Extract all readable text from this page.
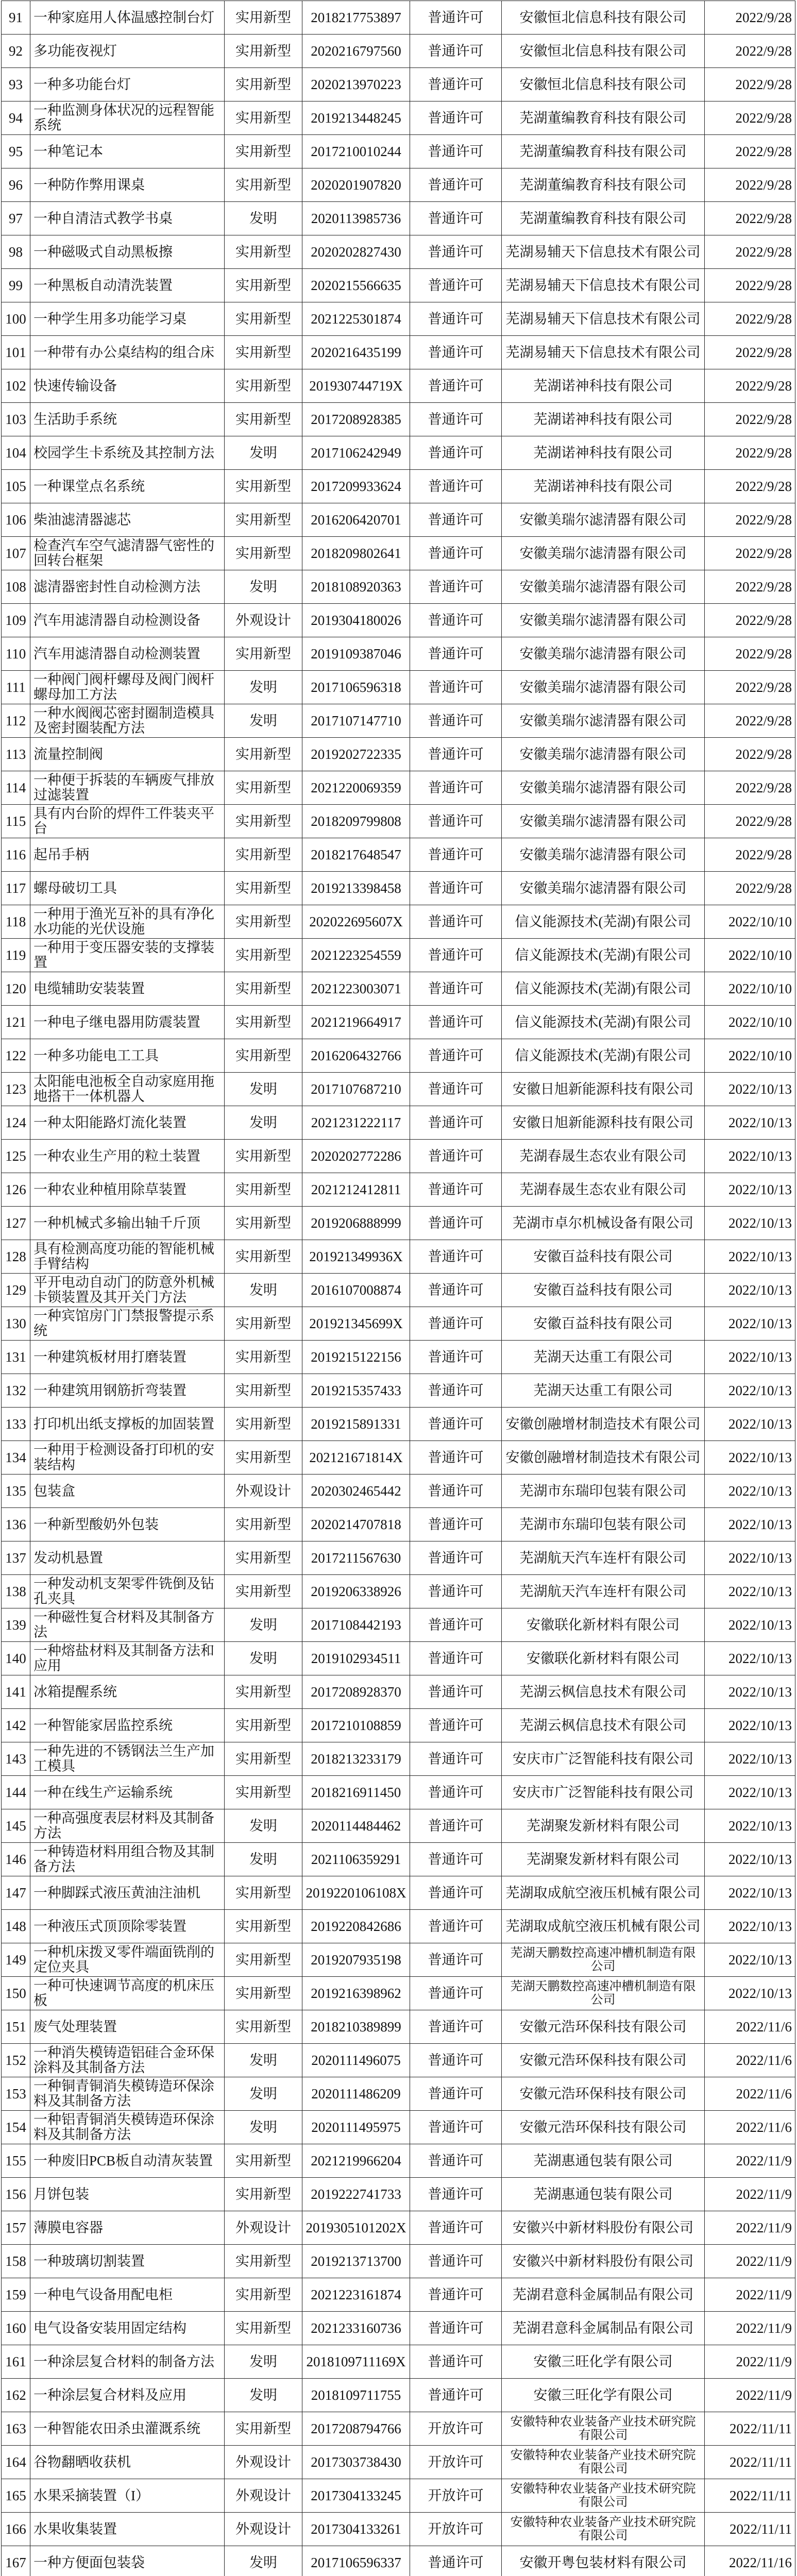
91	一种家庭用人体温感控制台灯	实用新型	201821775389​7	普通许可	安徽恒北信息科技有限公司	2022/9/28
92	多功能夜视灯	实用新型	2020216797560	普通许可	安徽恒北信息科技有限公司	2022/9/28
93	一种多功能台灯	实用新型	2020213970223	普通许可	安徽恒北信息科技有限公司	2022/9/28
94	一种监测身体状况的远程智能系统	实用新型	2019213448245	普通许可	芜湖董编教育科技有限公司	2022/9/28
95	一种笔记本	实用新型	2017210010244	普通许可	芜湖董编教育科技有限公司	2022/9/28
96	一种防作弊用课桌	实用新型	2020201907820	普通许可	芜湖董编教育科技有限公司	2022/9/28
97	一种自清洁式教学书桌	发明	2020113985736	普通许可	芜湖董编教育科技有限公司	2022/9/28
98	一种磁吸式自动黑板擦	实用新型	2020202827430	普通许可	芜湖易辅天下信息技术有限公司	2022/9/28
99	一种黑板自动清洗装置	实用新型	2020215566635	普通许可	芜湖易辅天下信息技术有限公司	2022/9/28
100	一种学生用多功能学习桌	实用新型	2021225301874	普通许可	芜湖易辅天下信息技术有限公司	2022/9/28
101	一种带有办公桌结构的组合床	实用新型	2020216435199	普通许可	芜湖易辅天下信息技术有限公司	2022/9/28
102	快速传输设备	实用新型	201930744719X	普通许可	芜湖诺神科技有限公司	2022/9/28
103	生活助手系统	实用新型	2017208928385	普通许可	芜湖诺神科技有限公司	2022/9/28
104	校园学生卡系统及其控制方法	发明	2017106242949	普通许可	芜湖诺神科技有限公司	2022/9/28
105	一种课堂点名系统	实用新型	2017209933624	普通许可	芜湖诺神科技有限公司	2022/9/28
106	柴油滤清器滤芯	实用新型	2016206420701	普通许可	安徽美瑞尔滤清器有限公司	2022/9/28
107	检查汽车空气滤清器气密性的回转台框架	实用新型	2018209802641	普通许可	安徽美瑞尔滤清器有限公司	2022/9/28
108	滤清器密封性自动检测方法	发明	2018108920363	普通许可	安徽美瑞尔滤清器有限公司	2022/9/28
109	汽车用滤清器自动检测设备	外观设计	2019304180026	普通许可	安徽美瑞尔滤清器有限公司	2022/9/28
110	汽车用滤清器自动检测装置	实用新型	2019109387046	普通许可	安徽美瑞尔滤清器有限公司	2022/9/28
111	一种阀门阀杆螺母及阀门阀杆螺母加工方法	发明	2017106596318	普通许可	安徽美瑞尔滤清器有限公司	2022/9/28
112	一种水阀阀芯密封圈制造模具及密封圈装配方法	发明	2017107147710	普通许可	安徽美瑞尔滤清器有限公司	2022/9/28
113	流量控制阀	实用新型	2019202722335	普通许可	安徽美瑞尔滤清器有限公司	2022/9/28
114	一种便于拆装的车辆废气排放过滤装置	实用新型	2021220069359	普通许可	安徽美瑞尔滤清器有限公司	2022/9/28
115	具有内台阶的焊件工件装夹平台	实用新型	2018209799808	普通许可	安徽美瑞尔滤清器有限公司	2022/9/28
116	起吊手柄	实用新型	2018217648547	普通许可	安徽美瑞尔滤清器有限公司	2022/9/28
117	螺母破切工具	实用新型	2019213398458	普通许可	安徽美瑞尔滤清器有限公司	2022/9/28
118	一种用于渔光互补的具有净化水功能的光伏设施	实用新型	202022695607X	普通许可	信义能源技术(芜湖)有限公司	2022/10/10
119	一种用于变压器安装的支撑装置	实用新型	2021223254559	普通许可	信义能源技术(芜湖)有限公司	2022/10/10
120	电缆辅助安装装置	实用新型	2021223003071	普通许可	信义能源技术(芜湖)有限公司	2022/10/10
121	一种电子继电器用防震装置	实用新型	2021219664917	普通许可	信义能源技术(芜湖)有限公司	2022/10/10
122	一种多功能电工工具	实用新型	2016206432766	普通许可	信义能源技术(芜湖)有限公司	2022/10/10
123	太阳能电池板全自动家庭用拖地搭干一体机器人	发明	2017107687210	普通许可	安徽日旭新能源科技有限公司	2022/10/13
124	一种太阳能路灯流化装置	发明	2021231222117	普通许可	安徽日旭新能源科技有限公司	2022/10/13
125	一种农业生产用的粒土装置	实用新型	2020202772286	普通许可	芜湖春晟生态农业有限公司	2022/10/13
126	一种农业种植用除草装置	实用新型	2021212412811	普通许可	芜湖春晟生态农业有限公司	2022/10/13
127	一种机械式多输出轴千斤顶	实用新型	2019206888999	普通许可	芜湖市卓尔机械设备有限公司	2022/10/13
128	具有检测高度功能的智能机械手臂结构	实用新型	201921349936X	普通许可	安徽百益科技有限公司	2022/10/13
129	平开电动自动门的防意外机械卡锁装置及其开关门方法	发明	2016107008874	普通许可	安徽百益科技有限公司	2022/10/13
130	一种宾馆房门门禁报警提示系统	实用新型	201921345699X	普通许可	安徽百益科技有限公司	2022/10/13
131	一种建筑板材用打磨装置	实用新型	2019215122156	普通许可	芜湖天达重工有限公司	2022/10/13
132	一种建筑用钢筋折弯装置	实用新型	2019215357433	普通许可	芜湖天达重工有限公司	2022/10/13
133	打印机出纸支撑板的加固装置	实用新型	2019215891331	普通许可	安徽创融增材制造技术有限公司	2022/10/13
134	一种用于检测设备打印机的安装结构	实用新型	202121671814X	普通许可	安徽创融增材制造技术有限公司	2022/10/13
135	包装盒	外观设计	2020302465442	普通许可	芜湖市东瑞印包装有限公司	2022/10/13
136	一种新型酸奶外包装	实用新型	2020214707818	普通许可	芜湖市东瑞印包装有限公司	2022/10/13
137	发动机悬置	实用新型	2017211567630	普通许可	芜湖航天汽车连杆有限公司	2022/10/13
138	一种发动机支架零件铣倒及钻孔夹具	实用新型	2019206338926	普通许可	芜湖航天汽车连杆有限公司	2022/10/13
139	一种磁性复合材料及其制备方法	发明	2017108442193	普通许可	安徽联化新材料有限公司	2022/10/13
140	一种熔盐材料及其制备方法和应用	发明	2019102934511	普通许可	安徽联化新材料有限公司	2022/10/13
141	冰箱提醒系统	实用新型	2017208928370	普通许可	芜湖云枫信息技术有限公司	2022/10/13
142	一种智能家居监控系统	实用新型	2017210108859	普通许可	芜湖云枫信息技术有限公司	2022/10/13
143	一种先进的不锈钢法兰生产加工模具	实用新型	2018213233179	普通许可	安庆市广泛智能科技有限公司	2022/10/13
144	一种在线生产运输系统	实用新型	2018216911450	普通许可	安庆市广泛智能科技有限公司	2022/10/13
145	一种高强度表层材料及其制备方法	发明	2020114484462	普通许可	芜湖聚发新材料有限公司	2022/10/13
146	一种铸造材料用组合物及其制备方法	发明	2021106359291	普通许可	芜湖聚发新材料有限公司	2022/10/13
147	一种脚踩式液压黄油注油机	实用新型	2019220106108X	普通许可	芜湖取成航空液压机械有限公司	2022/10/13
148	一种液压式顶顶除零装置	实用新型	2019220842686	普通许可	芜湖取成航空液压机械有限公司	2022/10/13
149	一种机床拨叉零件端面铣削的定位夹具	实用新型	2019207935198	普通许可	芜湖天鹏数控高速冲槽机制造有限公司	2022/10/13
150	一种可快速调节高度的机床压板	实用新型	2019216398962	普通许可	芜湖天鹏数控高速冲槽机制造有限公司	2022/10/13
151	废气处理装置	实用新型	2018210389899	普通许可	安徽元浩环保科技有限公司	2022/11/6
152	一种消失模铸造铝硅合金环保涂料及其制备方法	发明	2020111496075	普通许可	安徽元浩环保科技有限公司	2022/11/6
153	一种铜青铜消失模铸造环保涂料及其制备方法	发明	2020111486209	普通许可	安徽元浩环保科技有限公司	2022/11/6
154	一种铝青铜消失模铸造环保涂料及其制备方法	发明	2020111495975	普通许可	安徽元浩环保科技有限公司	2022/11/6
155	一种废旧PCB板自动清灰装置	实用新型	2021219966204	普通许可	芜湖惠通包装有限公司	2022/11/9
156	月饼包装	实用新型	2019222741733	普通许可	芜湖惠通包装有限公司	2022/11/9
157	薄膜电容器	外观设计	2019305101202X	普通许可	安徽兴中新材料股份有限公司	2022/11/9
158	一种玻璃切割装置	实用新型	2019213713700	普通许可	安徽兴中新材料股份有限公司	2022/11/9
159	一种电气设备用配电柜	实用新型	2021223161874	普通许可	芜湖君意科金属制品有限公司	2022/11/9
160	电气设备安装用固定结构	实用新型	2021233160736	普通许可	芜湖君意科金属制品有限公司	2022/11/9
161	一种涂层复合材料的制备方法	发明	2018109711169X	普通许可	安徽三旺化学有限公司	2022/11/9
162	一种涂层复合材料及应用	发明	2018109711755	普通许可	安徽三旺化学有限公司	2022/11/9
163	一种智能农田杀虫灌溉系统	实用新型	2017208794766	开放许可	安徽特种农业装备产业技术研究院有限公司	2022/11/11
164	谷物翻晒收获机	外观设计	2017303738430	开放许可	安徽特种农业装备产业技术研究院有限公司	2022/11/11
165	水果采摘装置（I）	外观设计	2017304133245	开放许可	安徽特种农业装备产业技术研究院有限公司	2022/11/11
166	水果收集装置	外观设计	2017304133261	开放许可	安徽特种农业装备产业技术研究院有限公司	2022/11/11
167	一种方便面包装袋	发明	2017106596337	普通许可	安徽开粤包装材料有限公司	2022/11/16
